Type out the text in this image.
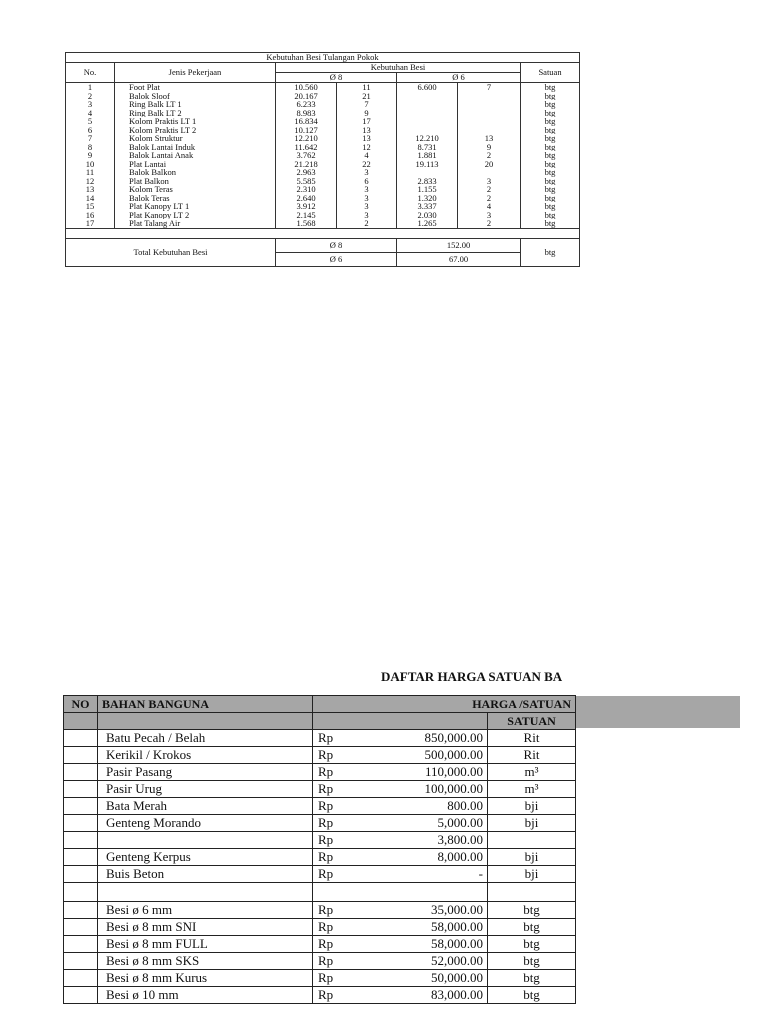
Kebutuhan Besi Tulangan Pokok						
No.	Jenis Pekerjaan	Kebutuhan Besi				Satuan
		Ø 8		Ø 6		
1	Foot Plat	10.560	11	6.600	7	btg
2	Balok Sloof	20.167	21			btg
3	Ring Balk LT 1	6.233	7			btg
4	Ring Balk LT 2	8.983	9			btg
5	Kolom Praktis LT 1	16.834	17			btg
6	Kolom Praktis LT 2	10.127	13			btg
7	Kolom Struktur	12.210	13	12.210	13	btg
8	Balok Lantai Induk	11.642	12	8.731	9	btg
9	Balok Lantai Anak	3.762	4	1.881	2	btg
10	Plat Lantai	21.218	22	19.113	20	btg
11	Balok Balkon	2.963	3			btg
12	Plat Balkon	5.585	6	2.833	3	btg
13	Kolom Teras	2.310	3	1.155	2	btg
14	Balok Teras	2.640	3	1.320	2	btg
15	Plat Kanopy LT 1	3.912	3	3.337	4	btg
16	Plat Kanopy LT 2	2.145	3	2.030	3	btg
17	Plat Talang Air	1.568	2	1.265	2	btg

Total Kebutuhan Besi		Ø 8		152.00		btg
		Ø 6		67.00		
DAFTAR HARGA SATUAN BA
NO	BAHAN BANGUNA	HARGA /SATUAN	
			SATUAN
	Batu Pecah / Belah	Rp 850,000.00	Rit
	Kerikil / Krokos	Rp 500,000.00	Rit
	Pasir Pasang	Rp 110,000.00	m³
	Pasir Urug	Rp 100,000.00	m³
	Bata Merah	Rp 800.00	bji
	Genteng Morando	Rp 5,000.00	bji

		Rp 3,800.00	

	Genteng Kerpus	Rp 8,000.00	bji
	Buis Beton	Rp -	bji

	Besi ø 6 mm	Rp 35,000.00	btg
	Besi ø 8 mm SNI	Rp 58,000.00	btg
	Besi ø 8 mm FULL	Rp 58,000.00	btg
	Besi ø 8 mm SKS	Rp 52,000.00	btg
	Besi ø 8 mm Kurus	Rp 50,000.00	btg
	Besi ø 10 mm	Rp 83,000.00	btg
